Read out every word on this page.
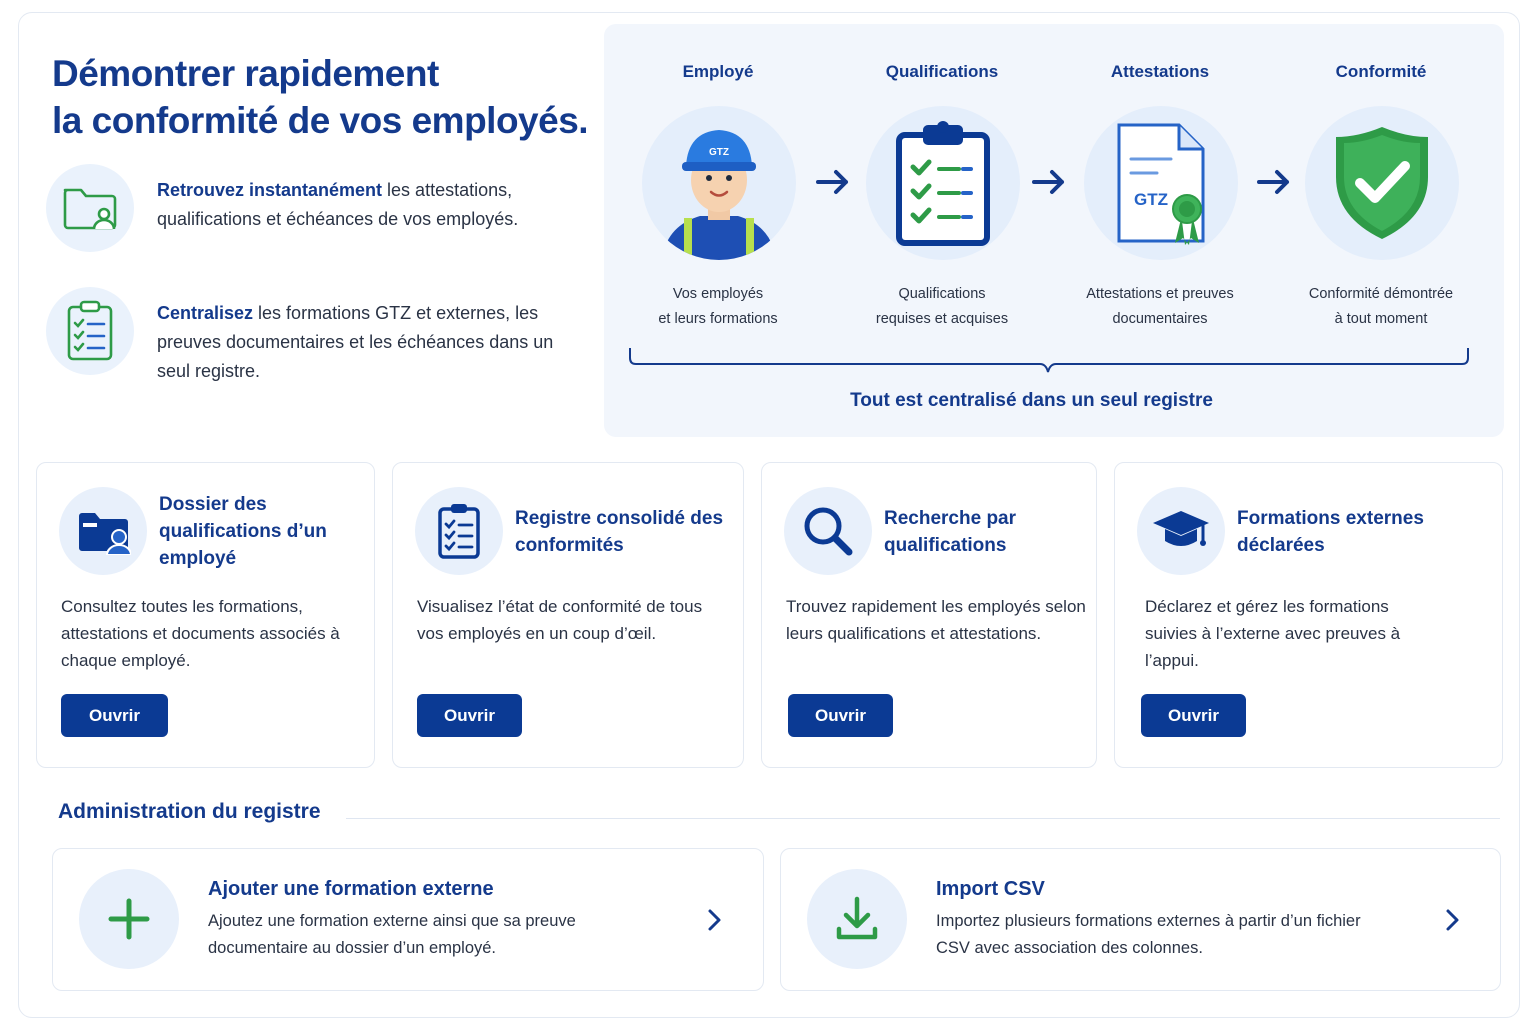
Démontrer rapidement
la conformité de vos employés.
Retrouvez instantanément les attestations, qualifications et échéances de vos employés.
Centralisez les formations GTZ et externes, les preuves documentaires et les échéances dans un seul registre.
Employé
GTZ
Vos employés
et leurs formations
Qualifications
Qualifications
requises et acquises
Attestations
GTZ
Attestations et preuves
documentaires
Conformité
Conformité démontrée
à tout moment
Tout est centralisé dans un seul registre
Dossier des qualifications d’un employé
Consultez toutes les formations, attestations et documents associés à chaque employé.
Ouvrir
Registre consolidé des conformités
Visualisez l’état de conformité de tous vos employés en un coup d’œil.
Ouvrir
Recherche par qualifications
Trouvez rapidement les employés selon leurs qualifications et attestations.
Ouvrir
Formations externes déclarées
Déclarez et gérez les formations suivies à l’externe avec preuves à l’appui.
Ouvrir
Administration du registre
Ajouter une formation externe
Ajoutez une formation externe ainsi que sa preuve documentaire au dossier d’un employé.
Import CSV
Importez plusieurs formations externes à partir d’un fichier CSV avec association des colonnes.
